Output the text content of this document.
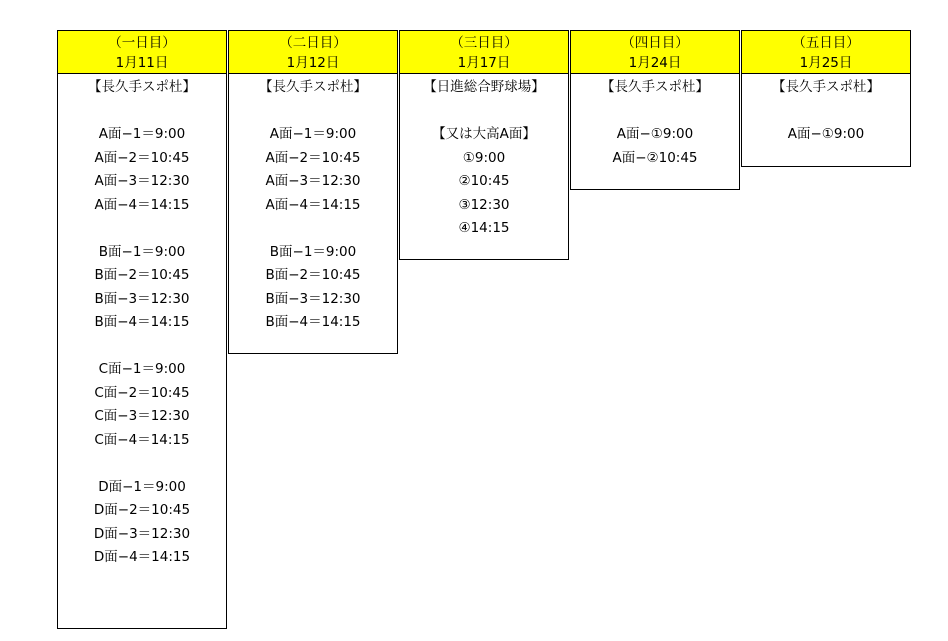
（一日目）
1月11日
【長久手スポ杜】
A面−1＝9:00
A面−2＝10:45
A面−3＝12:30
A面−4＝14:15
B面−1＝9:00
B面−2＝10:45
B面−3＝12:30
B面−4＝14:15
C面−1＝9:00
C面−2＝10:45
C面−3＝12:30
C面−4＝14:15
D面−1＝9:00
D面−2＝10:45
D面−3＝12:30
D面−4＝14:15
（二日目）
1月12日
【長久手スポ杜】
A面−1＝9:00
A面−2＝10:45
A面−3＝12:30
A面−4＝14:15
B面−1＝9:00
B面−2＝10:45
B面−3＝12:30
B面−4＝14:15
（三日目）
1月17日
【日進総合野球場】
【又は大高A面】
①9:00
②10:45
③12:30
④14:15
（四日目）
1月24日
【長久手スポ杜】
A面−①9:00
A面−②10:45
（五日目）
1月25日
【長久手スポ杜】
A面−①9:00
